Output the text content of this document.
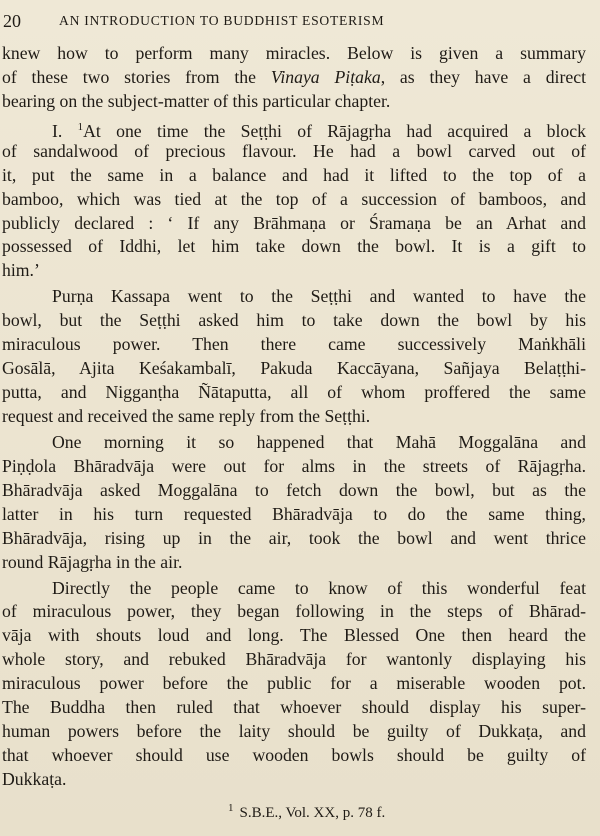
20	AN INTRODUCTION TO BUDDHIST ESOTERISM
knew how to perform many miracles. Below is given a summary
of these two stories from the Vinaya Piṭaka, as they have a direct
bearing on the subject-matter of this particular chapter.
I. $^1$At one time the Seṭṭhi of Rājagṛha had acquired a block
of sandalwood of precious flavour. He had a bowl carved out of
it, put the same in a balance and had it lifted to the top of a
bamboo, which was tied at the top of a succession of bamboos, and
publicly declared : ‘ If any Brāhmaṇa or Śramaṇa be an Arhat and
possessed of Iddhi, let him take down the bowl. It is a gift to
him.’
Purṇa Kassapa went to the Seṭṭhi and wanted to have the
bowl, but the Seṭṭhi asked him to take down the bowl by his
miraculous power. Then there came successively Maṅkhāli
Gosālā, Ajita Keśakambalī, Pakuda Kaccāyana, Sañjaya Belaṭṭhi-
putta, and Nigganṭha Ñātaputta, all of whom proffered the same
request and received the same reply from the Seṭṭhi.
One morning it so happened that Mahā Moggalāna and
Piṇḍola Bhāradvāja were out for alms in the streets of Rājagṛha.
Bhāradvāja asked Moggalāna to fetch down the bowl, but as the
latter in his turn requested Bhāradvāja to do the same thing,
Bhāradvāja, rising up in the air, took the bowl and went thrice
round Rājagṛha in the air.
Directly the people came to know of this wonderful feat
of miraculous power, they began following in the steps of Bhārad-
vāja with shouts loud and long. The Blessed One then heard the
whole story, and rebuked Bhāradvāja for wantonly displaying his
miraculous power before the public for a miserable wooden pot.
The Buddha then ruled that whoever should display his super-
human powers before the laity should be guilty of Dukkaṭa, and
that whoever should use wooden bowls should be guilty of
Dukkaṭa.
$^1$ S.B.E., Vol. XX, p. 78 f.
